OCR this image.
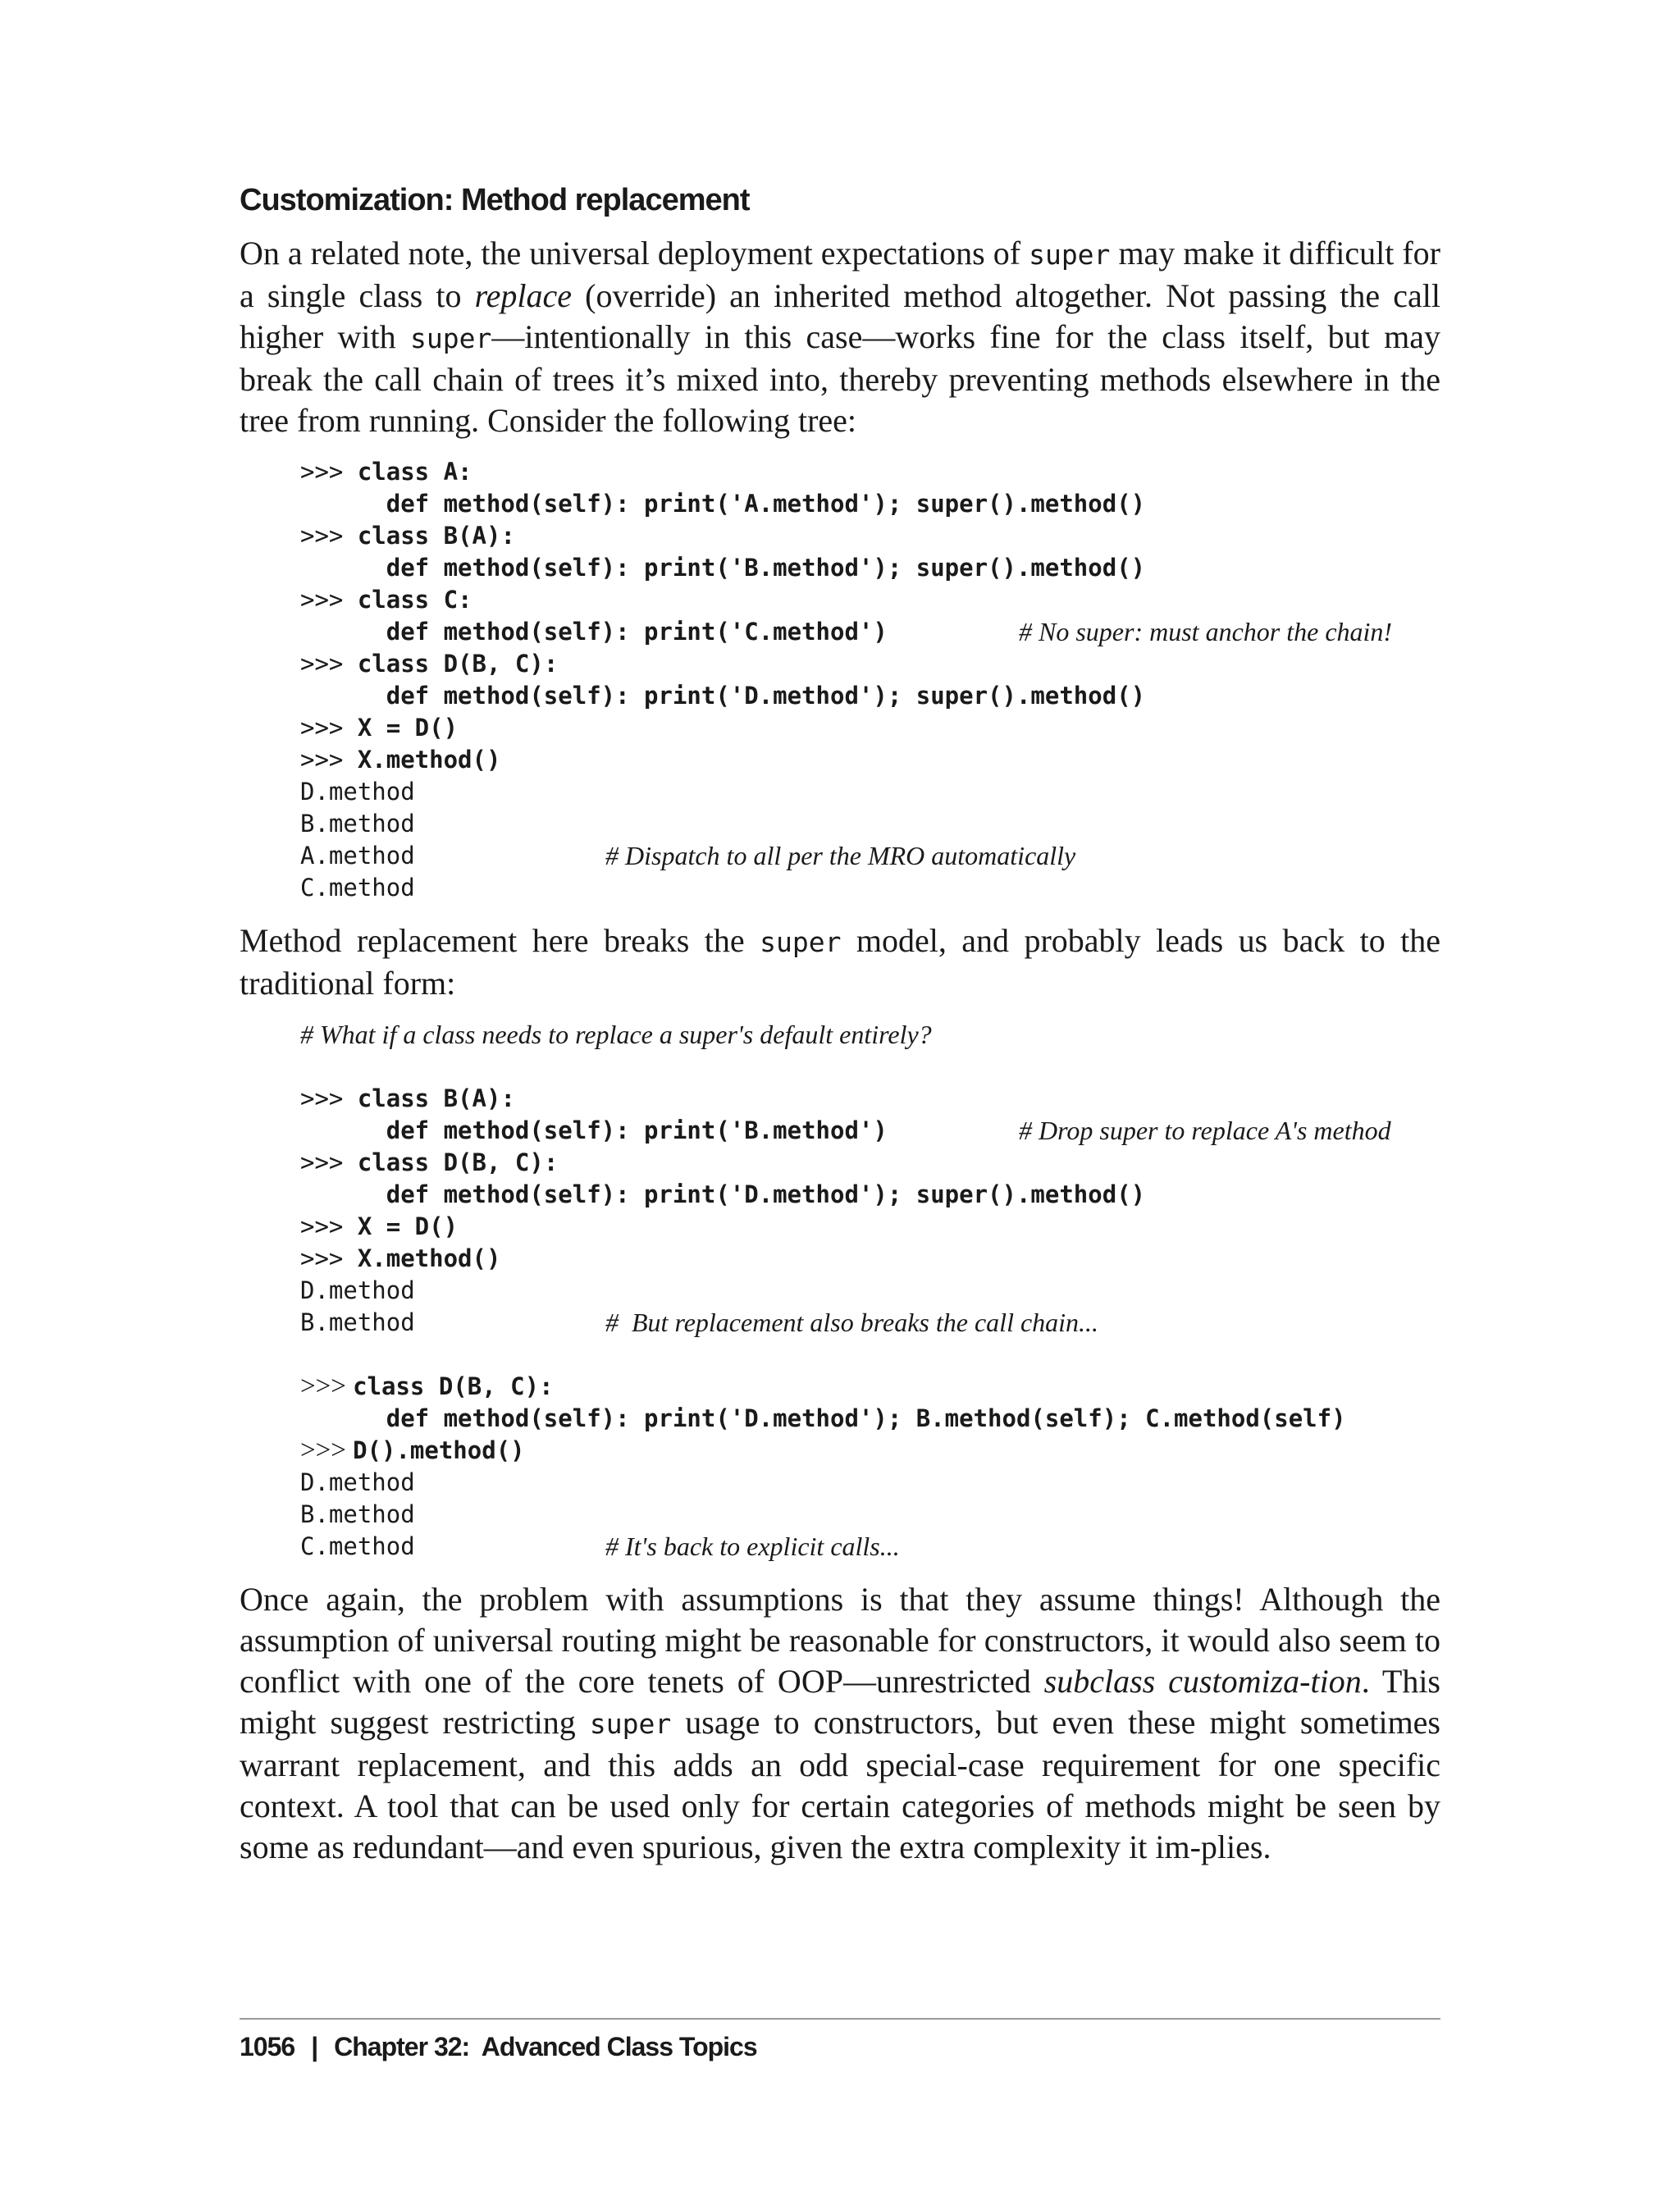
Customization: Method replacement

On a related note, the universal deployment expectations of super may make it difficult for a single class to replace (override) an inherited method altogether. Not passing the call higher with super—intentionally in this case—works fine for the class itself, but may break the call chain of trees it’s mixed into, thereby preventing methods elsewhere in the tree from running. Consider the following tree:

>>> class A:
def method(self): print('A.method'); super().method()
>>> class B(A):
def method(self): print('B.method'); super().method()
>>> class C:
def method(self): print('C.method')	# No super: must anchor the chain!
>>> class D(B, C):
def method(self): print('D.method'); super().method()
>>> X = D()
>>> X.method()
D.method
B.method
A.method	# Dispatch to all per the MRO automatically
C.method

Method replacement here breaks the super model, and probably leads us back to the traditional form:

# What if a class needs to replace a super's default entirely?
>>> class B(A):
def method(self): print('B.method')	# Drop super to replace A's method
>>> class D(B, C):
def method(self): print('D.method'); super().method()
>>> X = D()
>>> X.method()
D.method
B.method	#  But replacement also breaks the call chain...
>>> class D(B, C):
def method(self): print('D.method'); B.method(self); C.method(self)
>>> D().method()
D.method
B.method
C.method	# It's back to explicit calls...

Once again, the problem with assumptions is that they assume things! Although the assumption of universal routing might be reasonable for constructors, it would also seem to conflict with one of the core tenets of OOP—unrestricted subclass customiza-tion. This might suggest restricting super usage to constructors, but even these might sometimes warrant replacement, and this adds an odd special-case requirement for one specific context. A tool that can be used only for certain categories of methods might be seen by some as redundant—and even spurious, given the extra complexity it im-plies.

1056 | Chapter 32:  Advanced Class Topics
